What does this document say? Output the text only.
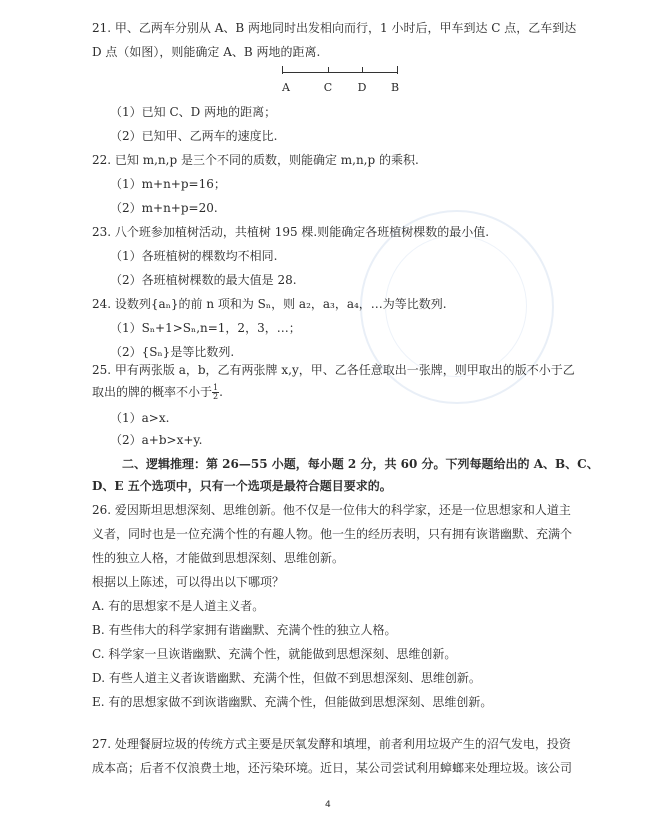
21. 甲、乙两车分别从 A、B 两地同时出发相向而行，1 小时后，甲车到达 C 点，乙车到达
D 点（如图），则能确定 A、B 两地的距离.
A	C D B
（1）已知 C、D 两地的距离；
（2）已知甲、乙两车的速度比.
22. 已知 m,n,p 是三个不同的质数，则能确定 m,n,p 的乘积.
（1）m+n+p=16；
（2）m+n+p=20.
23. 八个班参加植树活动，共植树 195 棵.则能确定各班植树棵数的最小值.
（1）各班植树的棵数均不相同.
（2）各班植树棵数的最大值是 28.
24. 设数列{aₙ}的前 n 项和为 Sₙ，则 a₂，a₃，a₄，…为等比数列.
（1）Sₙ+1>Sₙ,n=1，2，3，…；
（2）{Sₙ}是等比数列.
25. 甲有两张版 a，b，乙有两张牌 x,y，甲、乙各任意取出一张牌，则甲取出的版不小于乙
取出的牌的概率不小于 $\frac{1}{2}$ .
（1）a>x.
（2）a+b>x+y.
二、逻辑推理：第 26—55 小题，每小题 2 分，共 60 分。下列每题给出的 A、B、C、
D、E 五个选项中，只有一个选项是最符合题目要求的。
26. 爱因斯坦思想深刻、思维创新。他不仅是一位伟大的科学家，还是一位思想家和人道主
义者，同时也是一位充满个性的有趣人物。他一生的经历表明，只有拥有诙谐幽默、充满个
性的独立人格，才能做到思想深刻、思维创新。
根据以上陈述，可以得出以下哪项？
A. 有的思想家不是人道主义者。
B. 有些伟大的科学家拥有谐幽默、充满个性的独立人格。
C. 科学家一旦诙谐幽默、充满个性，就能做到思想深刻、思维创新。
D. 有些人道主义者诙谐幽默、充满个性，但做不到思想深刻、思维创新。
E. 有的思想家做不到诙谐幽默、充满个性，但能做到思想深刻、思维创新。
27. 处理餐厨垃圾的传统方式主要是厌氧发酵和填埋，前者利用垃圾产生的沼气发电，投资
成本高；后者不仅浪费土地，还污染环境。近日，某公司尝试利用蟑螂来处理垃圾。该公司
4
